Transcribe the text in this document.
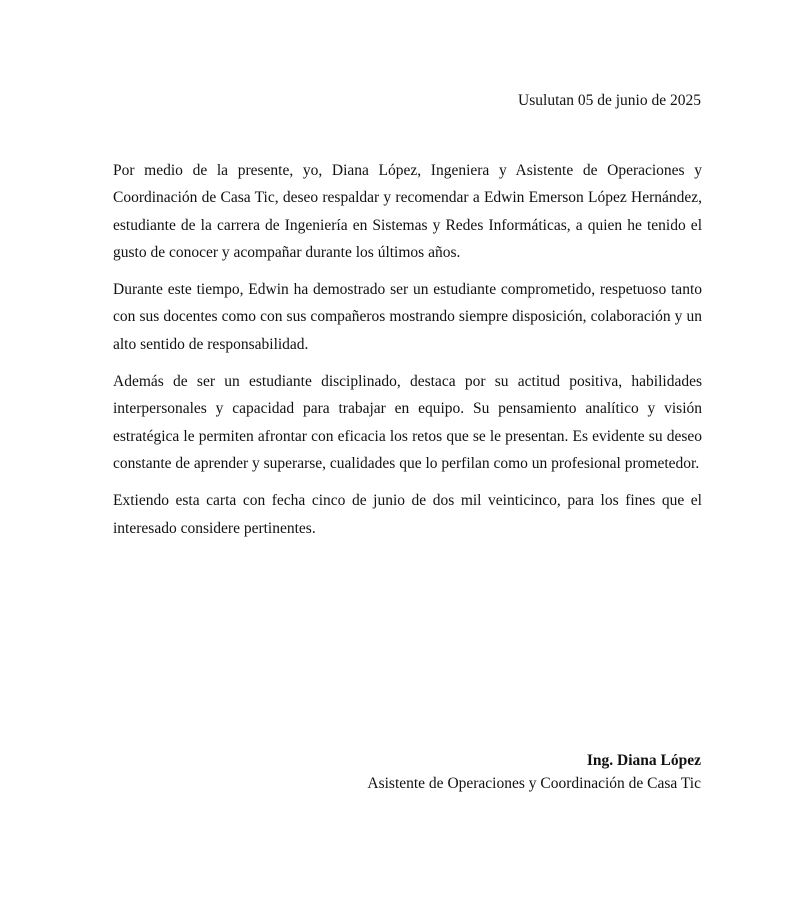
Usulutan 05 de junio de 2025

Por medio de la presente, yo, Diana López, Ingeniera y Asistente de Operaciones y Coordinación de Casa Tic, deseo respaldar y recomendar a Edwin Emerson López Hernández, estudiante de la carrera de Ingeniería en Sistemas y Redes Informáticas, a quien he tenido el gusto de conocer y acompañar durante los últimos años.

Durante este tiempo, Edwin ha demostrado ser un estudiante comprometido, respetuoso tanto con sus docentes como con sus compañeros mostrando siempre disposición, colaboración y un alto sentido de responsabilidad.

Además de ser un estudiante disciplinado, destaca por su actitud positiva, habilidades interpersonales y capacidad para trabajar en equipo. Su pensamiento analítico y visión estratégica le permiten afrontar con eficacia los retos que se le presentan. Es evidente su deseo constante de aprender y superarse, cualidades que lo perfilan como un profesional prometedor.

Extiendo esta carta con fecha cinco de junio de dos mil veinticinco, para los fines que el interesado considere pertinentes.

Ing. Diana López
Asistente de Operaciones y Coordinación de Casa Tic
